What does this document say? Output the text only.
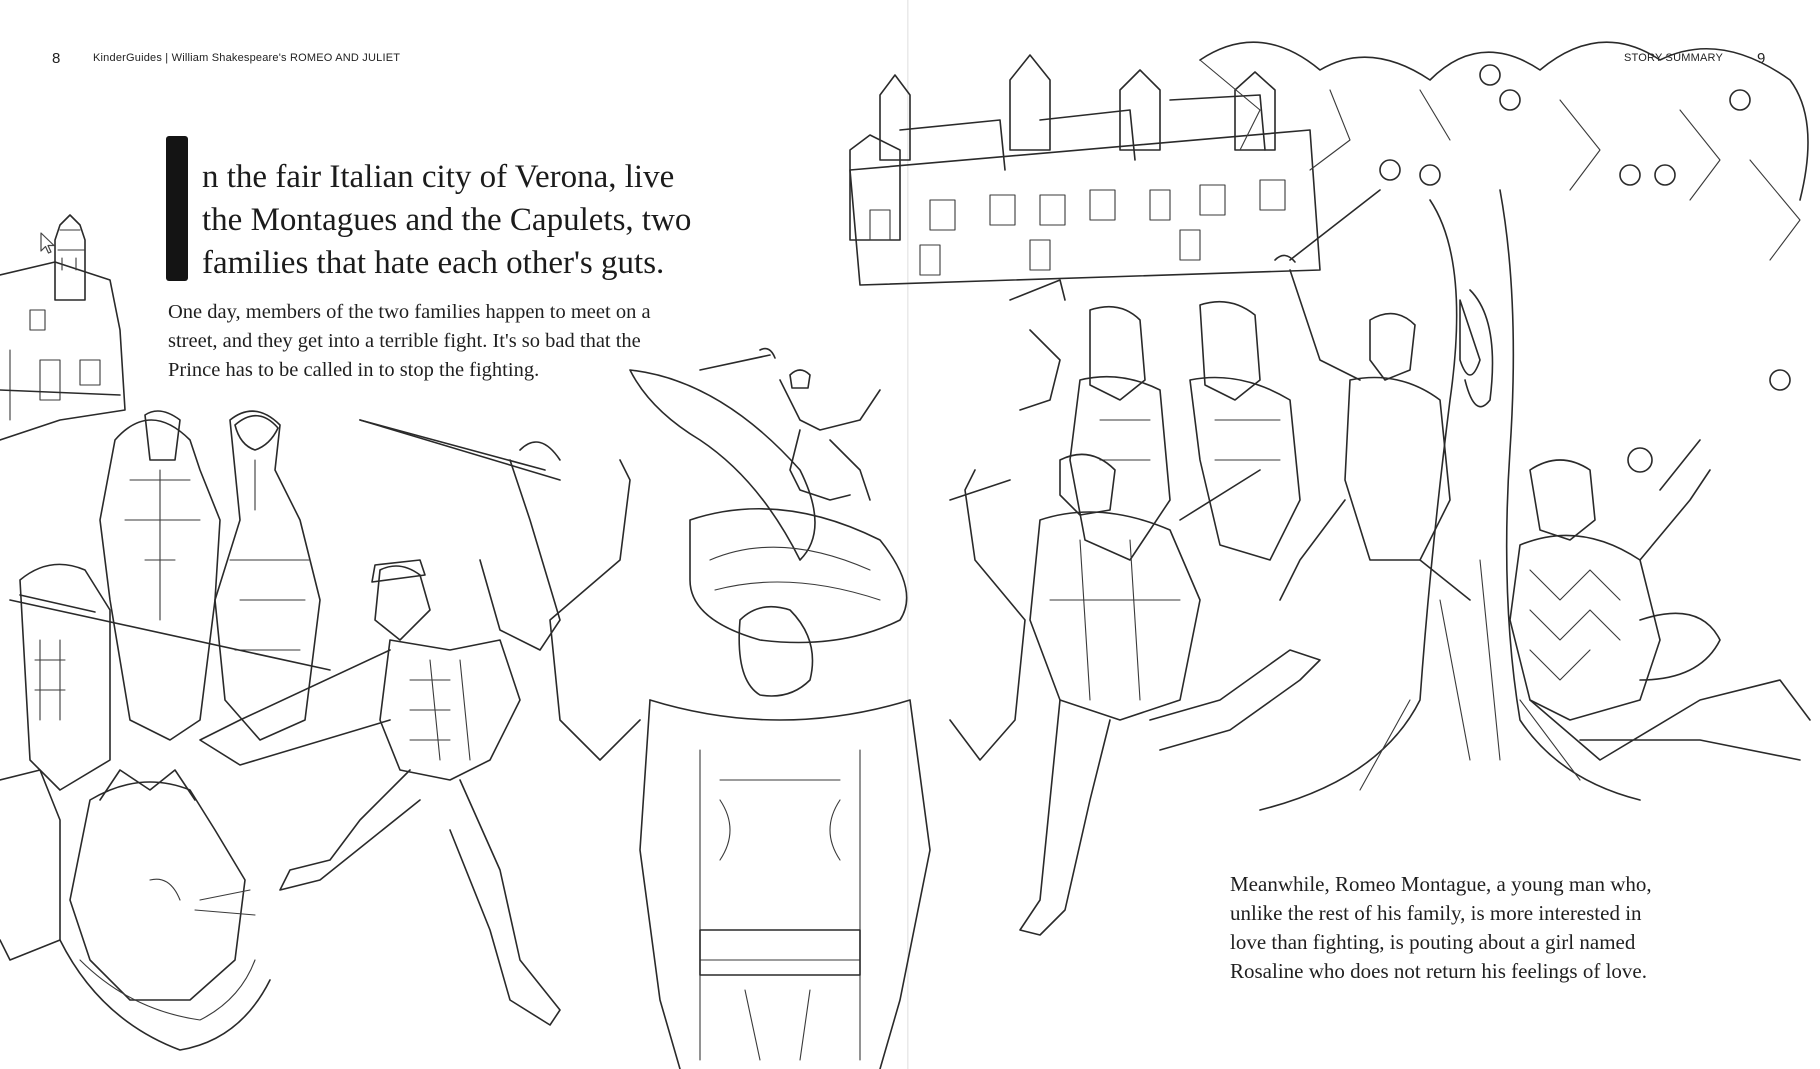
8	KinderGuides | William Shakespeare's ROMEO AND JULIET	STORY SUMMARY 9
n the fair Italian city of Verona, live
the Montagues and the Capulets, two
families that hate each other's guts.
One day, members of the two families happen to meet on a
street, and they get into a terrible fight. It's so bad that the
Prince has to be called in to stop the fighting.
Meanwhile, Romeo Montague, a young man who,
unlike the rest of his family, is more interested in
love than fighting, is pouting about a girl named
Rosaline who does not return his feelings of love.
